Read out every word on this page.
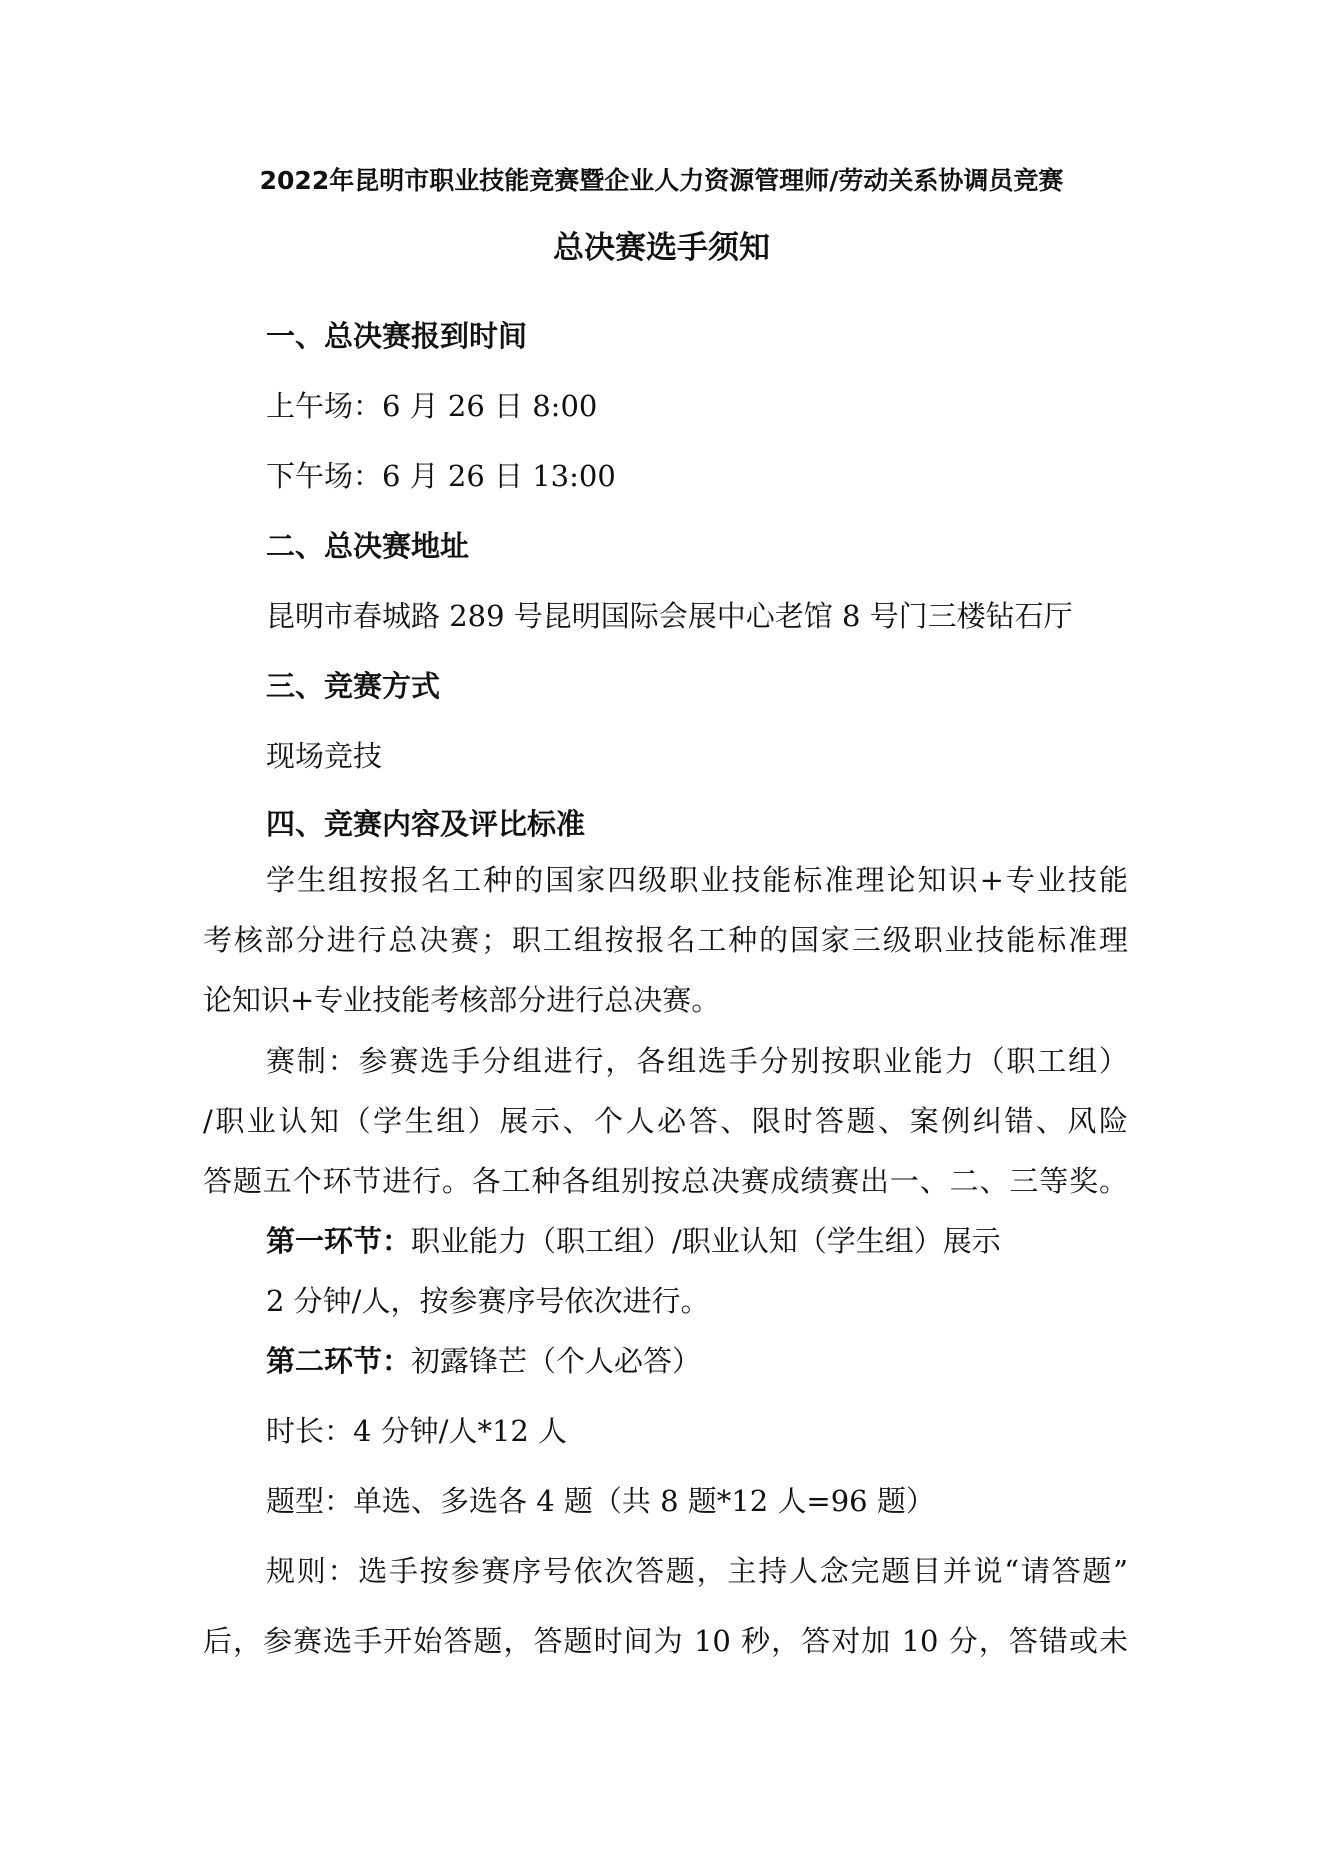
2022年昆明市职业技能竞赛暨企业人力资源管理师/劳动关系协调员竞赛
总决赛选手须知
一、总决赛报到时间
上午场：6 月 26 日 8:00
下午场：6 月 26 日 13:00
二、总决赛地址
昆明市春城路 289 号昆明国际会展中心老馆 8 号门三楼钻石厅
三、竞赛方式
现场竞技
四、竞赛内容及评比标准
学生组按报名工种的国家四级职业技能标准理论知识+专业技能
考核部分进行总决赛；职工组按报名工种的国家三级职业技能标准理
论知识+专业技能考核部分进行总决赛。
赛制：参赛选手分组进行，各组选手分别按职业能力（职工组）
/职业认知（学生组）展示、个人必答、限时答题、案例纠错、风险
答题五个环节进行。各工种各组别按总决赛成绩赛出一、二、三等奖。
第一环节：职业能力（职工组）/职业认知（学生组）展示
2 分钟/人，按参赛序号依次进行。
第二环节：初露锋芒（个人必答）
时长：4 分钟/人*12 人
题型：单选、多选各 4 题（共 8 题*12 人=96 题）
规则：选手按参赛序号依次答题，主持人念完题目并说“请答题”
后，参赛选手开始答题，答题时间为 10 秒，答对加 10 分，答错或未
